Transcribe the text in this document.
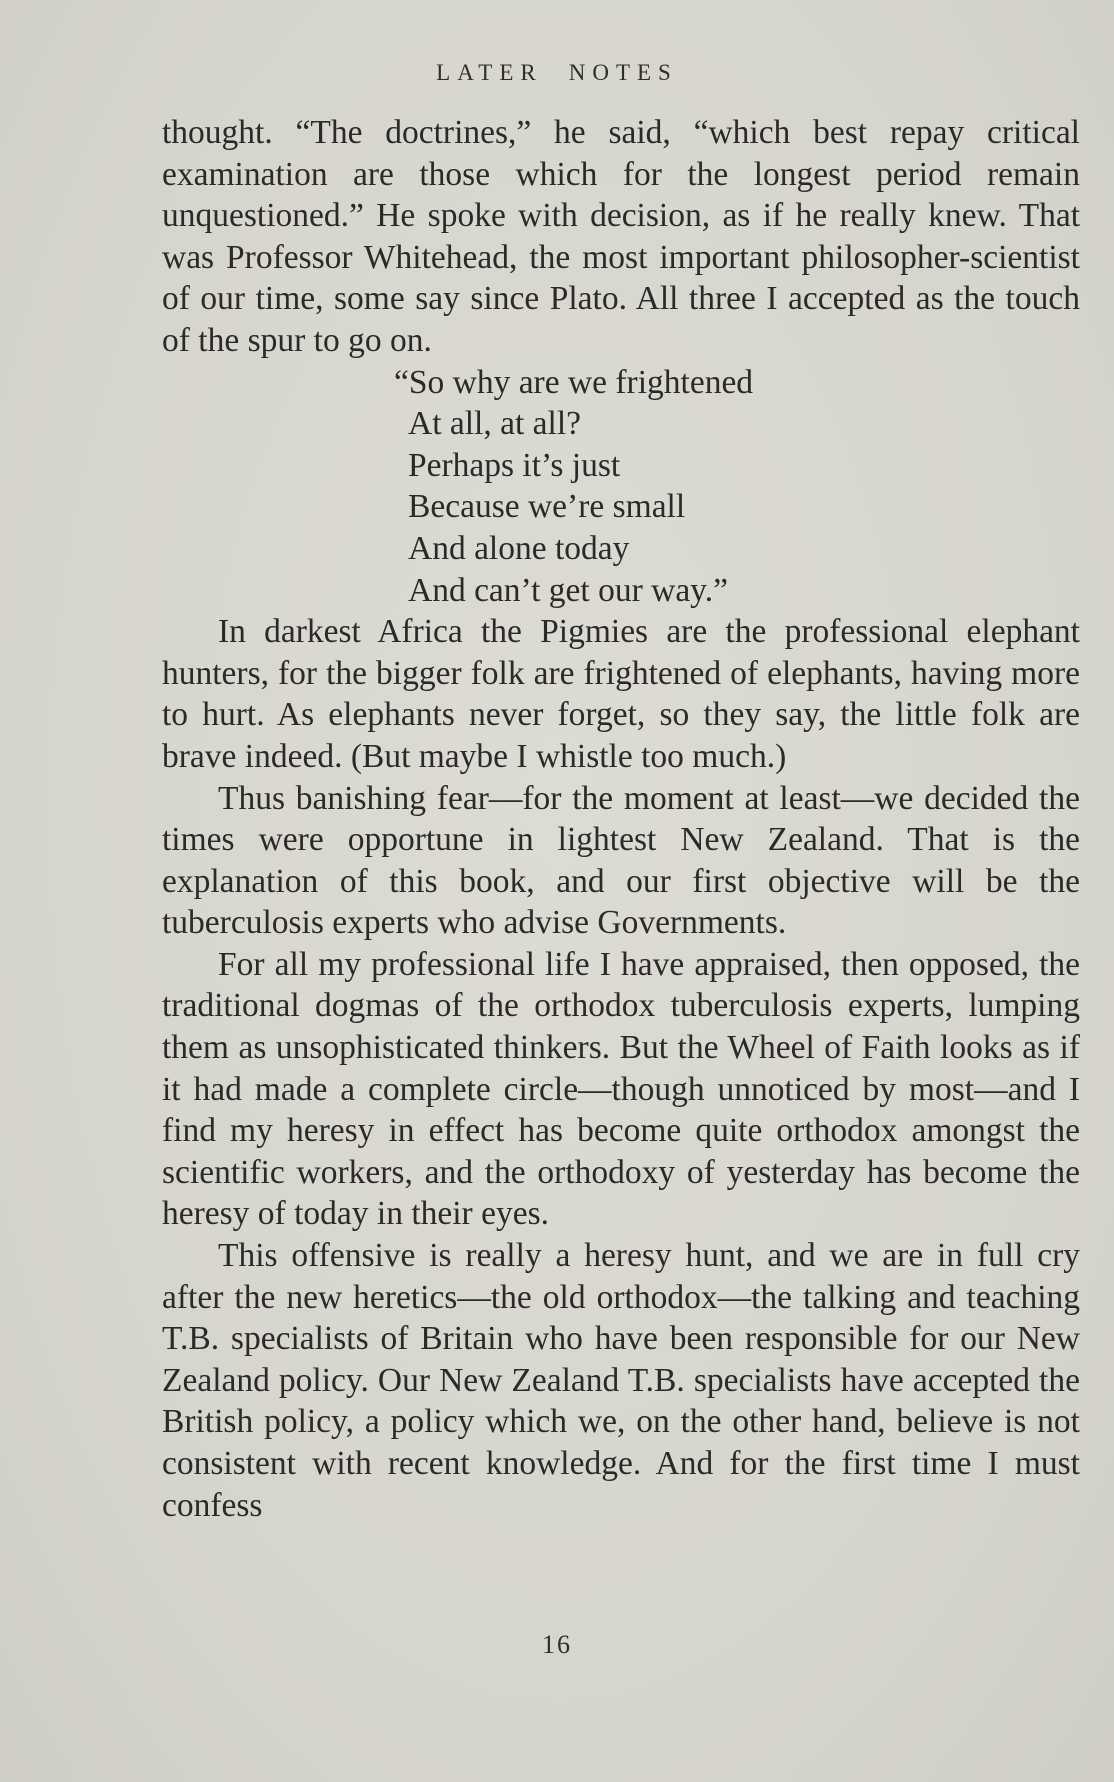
LATER NOTES

thought. “The doctrines,” he said, “which best repay critical examination are those which for the longest period remain unquestioned.” He spoke with decision, as if he really knew. That was Professor Whitehead, the most important philosopher-scientist of our time, some say since Plato. All three I accepted as the touch of the spur to go on.

“So why are we frightened
At all, at all?
Perhaps it’s just
Because we’re small
And alone today
And can’t get our way.”

In darkest Africa the Pigmies are the professional elephant hunters, for the bigger folk are frightened of elephants, having more to hurt. As elephants never forget, so they say, the little folk are brave indeed. (But maybe I whistle too much.)

Thus banishing fear—for the moment at least—we decided the times were opportune in lightest New Zealand. That is the explanation of this book, and our first objective will be the tuberculosis experts who advise Governments.

For all my professional life I have appraised, then opposed, the traditional dogmas of the orthodox tuberculosis experts, lumping them as unsophisticated thinkers. But the Wheel of Faith looks as if it had made a complete circle—though unnoticed by most—and I find my heresy in effect has become quite orthodox amongst the scientific workers, and the orthodoxy of yesterday has become the heresy of today in their eyes.

This offensive is really a heresy hunt, and we are in full cry after the new heretics—the old orthodox—the talking and teaching T.B. specialists of Britain who have been responsible for our New Zealand policy. Our New Zealand T.B. specialists have accepted the British policy, a policy which we, on the other hand, believe is not consistent with recent knowledge. And for the first time I must confess

16
